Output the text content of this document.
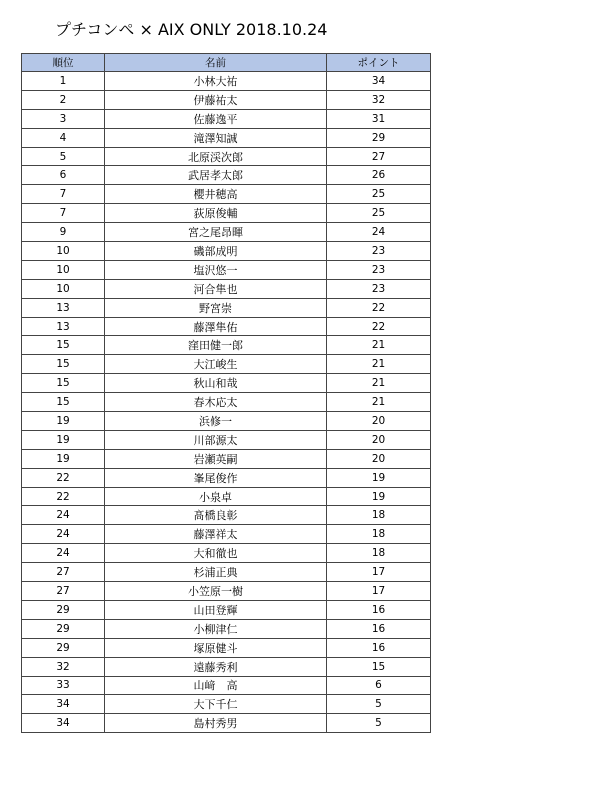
プチコンペ × AIX ONLY 2018.10.24
順位	名前	ポイント
1	小林大祐	34
2	伊藤祐太	32
3	佐藤逸平	31
4	滝澤知誠	29
5	北原渓次郎	27
6	武居孝太郎	26
7	櫻井穂高	25
7	荻原俊輔	25
9	宮之尾昂暉	24
10	磯部成明	23
10	塩沢悠一	23
10	河合隼也	23
13	野宮崇	22
13	藤澤隼佑	22
15	窪田健一郎	21
15	大江峻生	21
15	秋山和哉	21
15	春木応太	21
19	浜修一	20
19	川部源太	20
19	岩瀬英嗣	20
22	峯尾俊作	19
22	小泉卓	19
24	髙橋良彰	18
24	藤澤祥太	18
24	大和徹也	18
27	杉浦正典	17
27	小笠原一樹	17
29	山田登輝	16
29	小柳津仁	16
29	塚原健斗	16
32	遠藤秀利	15
33	山﨑　高	6
34	大下千仁	5
34	島村秀男	5
